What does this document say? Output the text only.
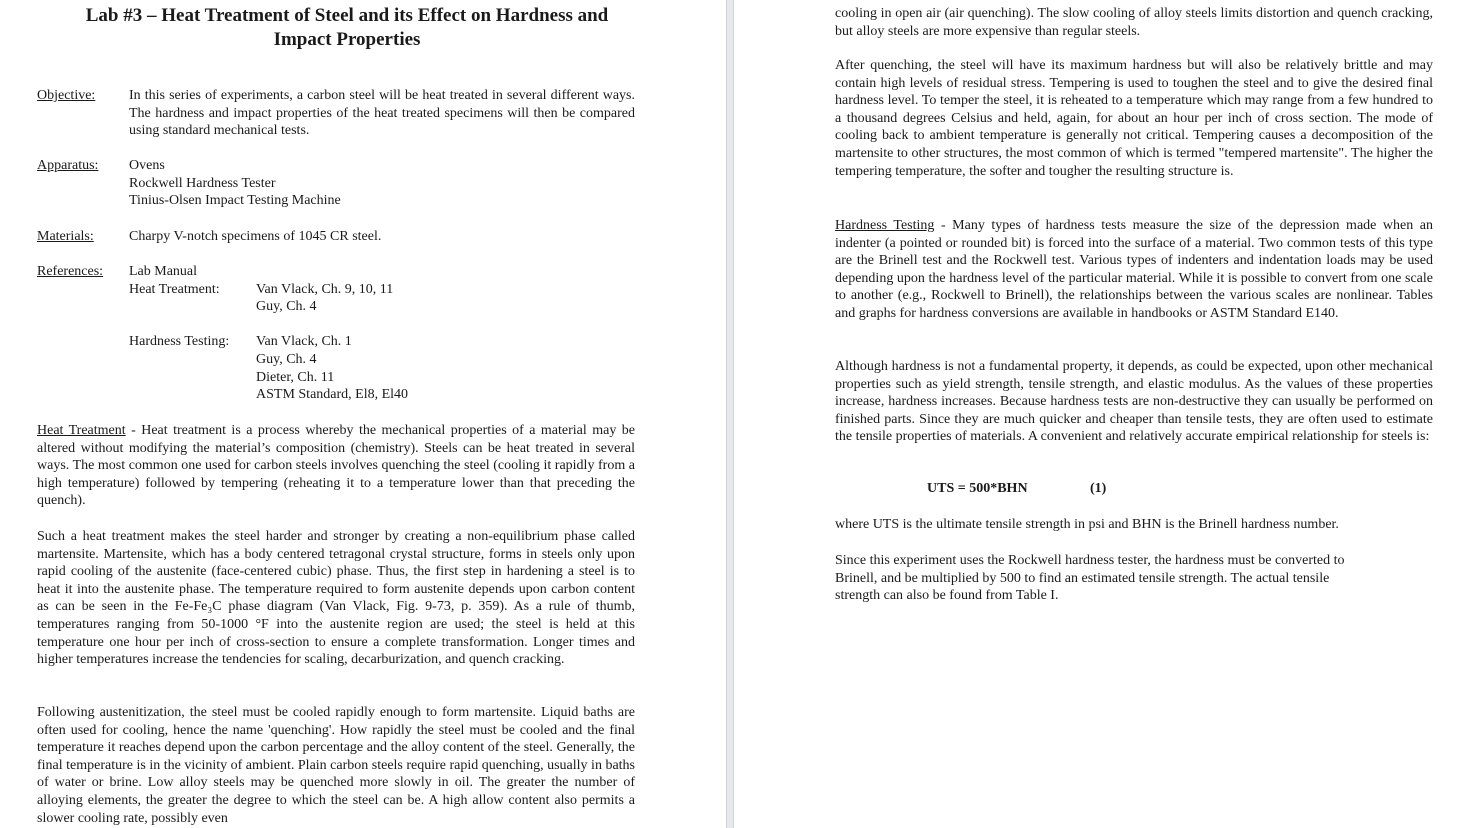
Lab #3 – Heat Treatment of Steel and its Effect on Hardness and
Impact Properties
Objective: In this series of experiments, a carbon steel will be heat treated in several different ways. The hardness and impact properties of the heat treated specimens will then be compared using standard mechanical tests.
Apparatus: Ovens
Rockwell Hardness Tester
Tinius-Olsen Impact Testing Machine
Materials:	Charpy V-notch specimens of 1045 CR steel.
References: Lab Manual
Heat Treatment:	Van Vlack, Ch. 9, 10, 11
Guy, Ch. 4
Hardness Testing: Van Vlack, Ch. 1
Guy, Ch. 4
Dieter, Ch. 11
ASTM Standard, El8, El40

Heat Treatment - Heat treatment is a process whereby the mechanical properties of a material may be altered without modifying the material’s composition (chemistry). Steels can be heat treated in several ways. The most common one used for carbon steels involves quenching the steel (cooling it rapidly from a high temperature) followed by tempering (reheating it to a temperature lower than that preceding the quench).

Such a heat treatment makes the steel harder and stronger by creating a non-equilibrium phase called martensite. Martensite, which has a body centered tetragonal crystal structure, forms in steels only upon rapid cooling of the austenite (face-centered cubic) phase. Thus, the first step in hardening a steel is to heat it into the austenite phase. The temperature required to form austenite depends upon carbon content as can be seen in the Fe-Fe₃C phase diagram (Van Vlack, Fig. 9-73, p. 359). As a rule of thumb, temperatures ranging from 50-1000 °F into the austenite region are used; the steel is held at this temperature one hour per inch of cross-section to ensure a complete transformation. Longer times and higher temperatures increase the tendencies for scaling, decarburization, and quench cracking.

Following austenitization, the steel must be cooled rapidly enough to form martensite. Liquid baths are often used for cooling, hence the name 'quenching'. How rapidly the steel must be cooled and the final temperature it reaches depend upon the carbon percentage and the alloy content of the steel. Generally, the final temperature is in the vicinity of ambient. Plain carbon steels require rapid quenching, usually in baths of water or brine. Low alloy steels may be quenched more slowly in oil. The greater the number of alloying elements, the greater the degree to which the steel can be. A high allow content also permits a slower cooling rate, possibly even

cooling in open air (air quenching). The slow cooling of alloy steels limits distortion and quench cracking, but alloy steels are more expensive than regular steels.

After quenching, the steel will have its maximum hardness but will also be relatively brittle and may contain high levels of residual stress. Tempering is used to toughen the steel and to give the desired final hardness level. To temper the steel, it is reheated to a temperature which may range from a few hundred to a thousand degrees Celsius and held, again, for about an hour per inch of cross section. The mode of cooling back to ambient temperature is generally not critical. Tempering causes a decomposition of the martensite to other structures, the most common of which is termed "tempered martensite". The higher the tempering temperature, the softer and tougher the resulting structure is.

Hardness Testing - Many types of hardness tests measure the size of the depression made when an indenter (a pointed or rounded bit) is forced into the surface of a material. Two common tests of this type are the Brinell test and the Rockwell test. Various types of indenters and indentation loads may be used depending upon the hardness level of the particular material. While it is possible to convert from one scale to another (e.g., Rockwell to Brinell), the relationships between the various scales are nonlinear. Tables and graphs for hardness conversions are available in handbooks or ASTM Standard E140.

Although hardness is not a fundamental property, it depends, as could be expected, upon other mechanical properties such as yield strength, tensile strength, and elastic modulus. As the values of these properties increase, hardness increases. Because hardness tests are non-destructive they can usually be performed on finished parts. Since they are much quicker and cheaper than tensile tests, they are often used to estimate the tensile properties of materials. A convenient and relatively accurate empirical relationship for steels is:

UTS = 500*BHN	(1)

where UTS is the ultimate tensile strength in psi and BHN is the Brinell hardness number.

Since this experiment uses the Rockwell hardness tester, the hardness must be converted to
Brinell, and be multiplied by 500 to find an estimated tensile strength. The actual tensile
strength can also be found from Table I.
